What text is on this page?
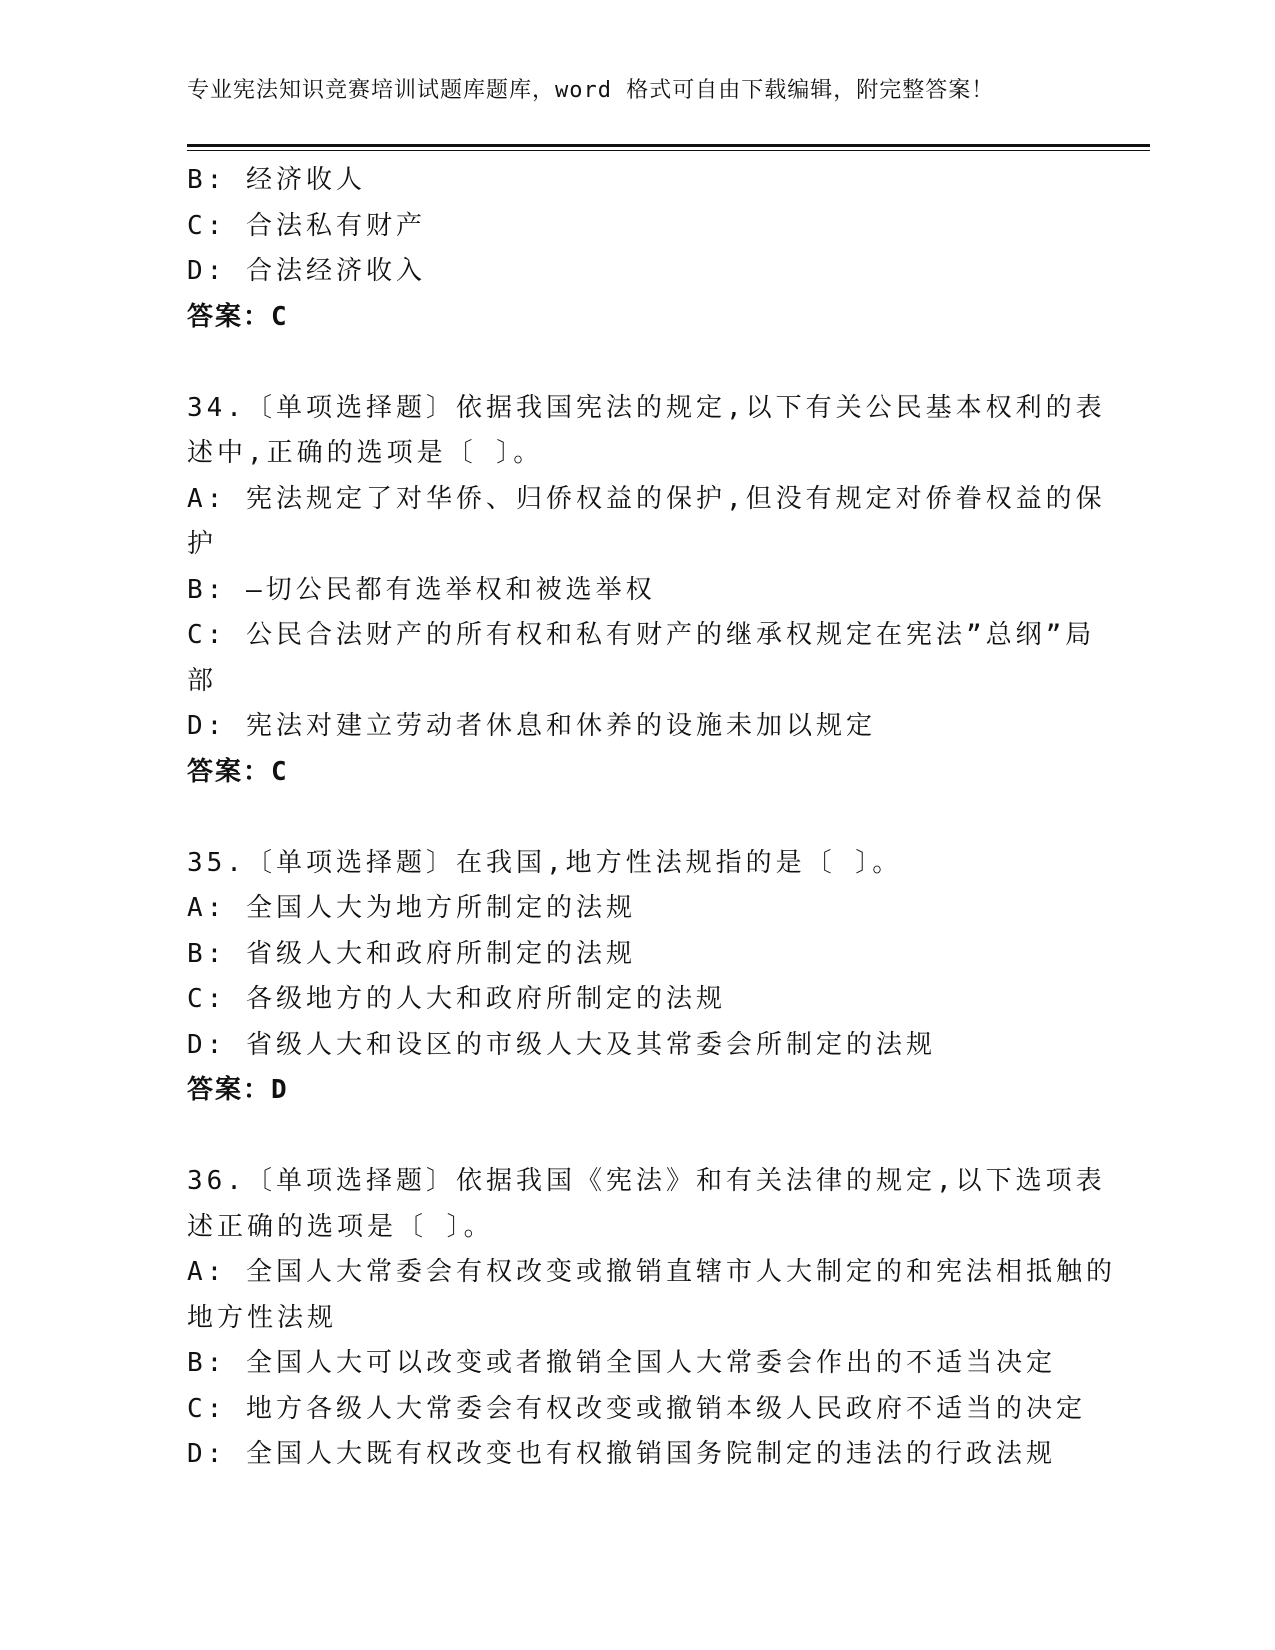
专业宪法知识竞赛培训试题库题库，word 格式可自由下载编辑，附完整答案！
B: 经济收人
C: 合法私有财产
D: 合法经济收入
答案：C
34.〔单项选择题〕依据我国宪法的规定,以下有关公民基本权利的表
述中,正确的选项是〔 〕。
A: 宪法规定了对华侨、归侨权益的保护,但没有规定对侨眷权益的保
护
B: —切公民都有选举权和被选举权
C: 公民合法财产的所有权和私有财产的继承权规定在宪法”总纲”局
部
D: 宪法对建立劳动者休息和休养的设施未加以规定
答案：C
35.〔单项选择题〕在我国,地方性法规指的是〔 〕。
A: 全国人大为地方所制定的法规
B: 省级人大和政府所制定的法规
C: 各级地方的人大和政府所制定的法规
D: 省级人大和设区的市级人大及其常委会所制定的法规
答案：D
36.〔单项选择题〕依据我国《宪法》和有关法律的规定,以下选项表
述正确的选项是〔 〕。
A: 全国人大常委会有权改变或撤销直辖市人大制定的和宪法相抵触的
地方性法规
B: 全国人大可以改变或者撤销全国人大常委会作出的不适当决定
C: 地方各级人大常委会有权改变或撤销本级人民政府不适当的决定
D: 全国人大既有权改变也有权撤销国务院制定的违法的行政法规
